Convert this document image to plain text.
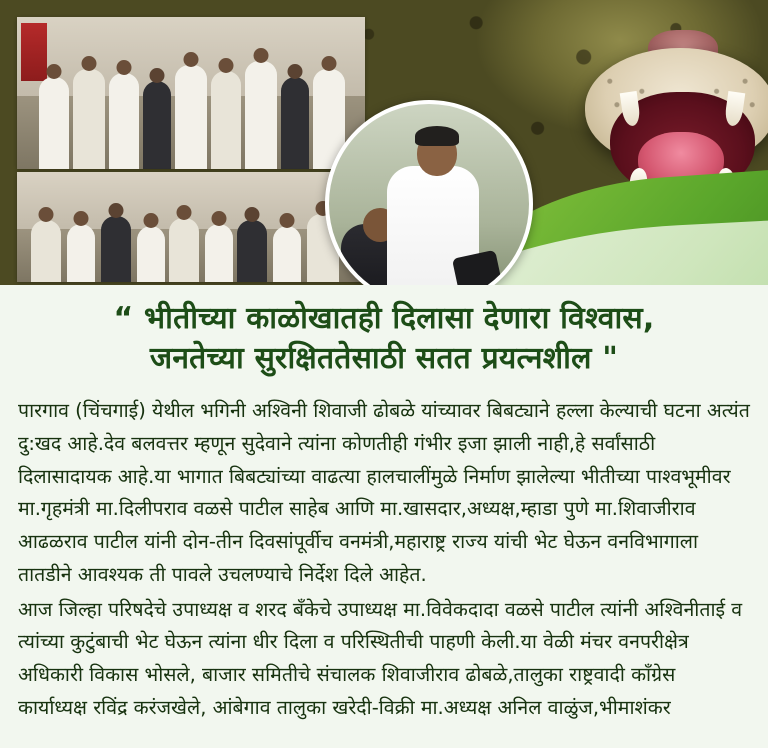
“ भीतीच्या काळोखातही दिलासा देणारा विश्वास,
जनतेच्या सुरक्षिततेसाठी सतत प्रयत्नशील "

पारगाव (चिंचगाई) येथील भगिनी अश्विनी शिवाजी ढोबळे यांच्यावर बिबट्याने हल्ला केल्याची घटना अत्यंत दु:खद आहे.देव बलवत्तर म्हणून सुदेवाने त्यांना कोणतीही गंभीर इजा झाली नाही,हे सर्वांसाठी दिलासादायक आहे.या भागात बिबट्यांच्या वाढत्या हालचालींमुळे निर्माण झालेल्या भीतीच्या पाश्वभूमीवर मा.गृहमंत्री मा.दिलीपराव वळसे पाटील साहेब आणि मा.खासदार,अध्यक्ष,म्हाडा पुणे मा.शिवाजीराव आढळराव पाटील यांनी दोन-तीन दिवसांपूर्वीच वनमंत्री,महाराष्ट्र राज्य यांची भेट घेऊन वनविभागाला तातडीने आवश्यक ती पावले उचलण्याचे निर्देश दिले आहेत.

आज जिल्हा परिषदेचे उपाध्यक्ष व शरद बँकेचे उपाध्यक्ष मा.विवेकदादा वळसे पाटील त्यांनी अश्विनीताई व त्यांच्या कुटुंबाची भेट घेऊन त्यांना धीर दिला व परिस्थितीची पाहणी केली.या वेळी मंचर वनपरीक्षेत्र अधिकारी विकास भोसले, बाजार समितीचे संचालक शिवाजीराव ढोबळे,तालुका राष्ट्रवादी काँग्रेस कार्याध्यक्ष रविंद्र करंजखेले, आंबेगाव तालुका खरेदी-विक्री मा.अध्यक्ष अनिल वाळुंज,भीमाशंकर
